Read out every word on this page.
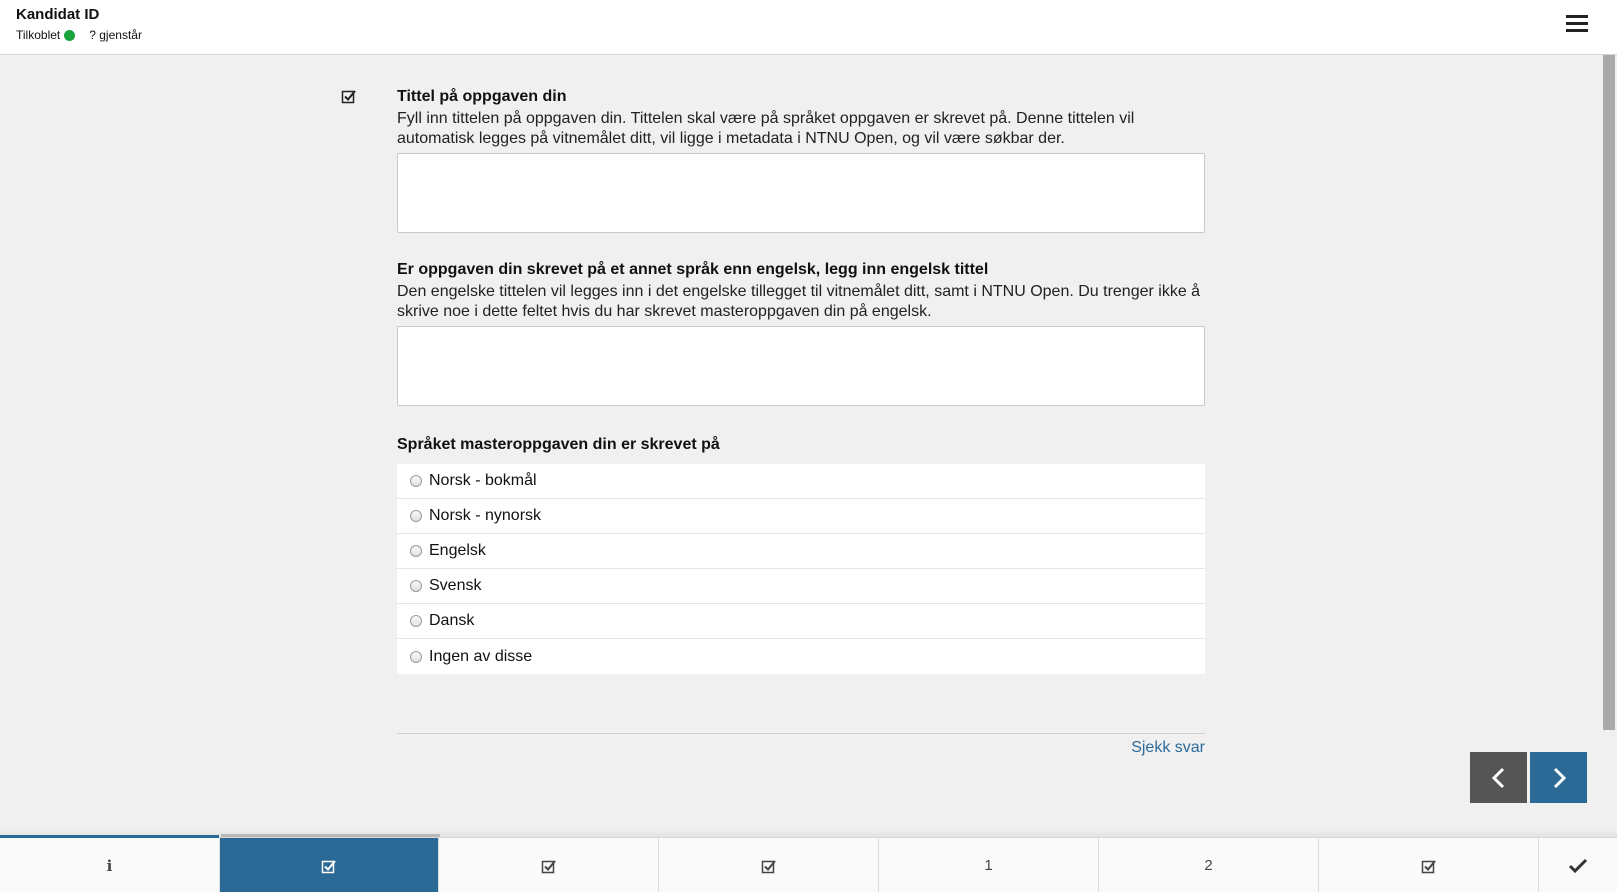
Kandidat ID
Tilkoblet ? gjenstår
Tittel på oppgaven din
Fyll inn tittelen på oppgaven din. Tittelen skal være på språket oppgaven er skrevet på. Denne tittelen vil automatisk legges på vitnemålet ditt, vil ligge i metadata i NTNU Open, og vil være søkbar der.
Er oppgaven din skrevet på et annet språk enn engelsk, legg inn engelsk tittel
Den engelske tittelen vil legges inn i det engelske tillegget til vitnemålet ditt, samt i NTNU Open. Du trenger ikke å skrive noe i dette feltet hvis du har skrevet masteroppgaven din på engelsk.
Språket masteroppgaven din er skrevet på
Norsk - bokmål
Norsk - nynorsk
Engelsk
Svensk
Dansk
Ingen av disse
Sjekk svar
i	1	2
